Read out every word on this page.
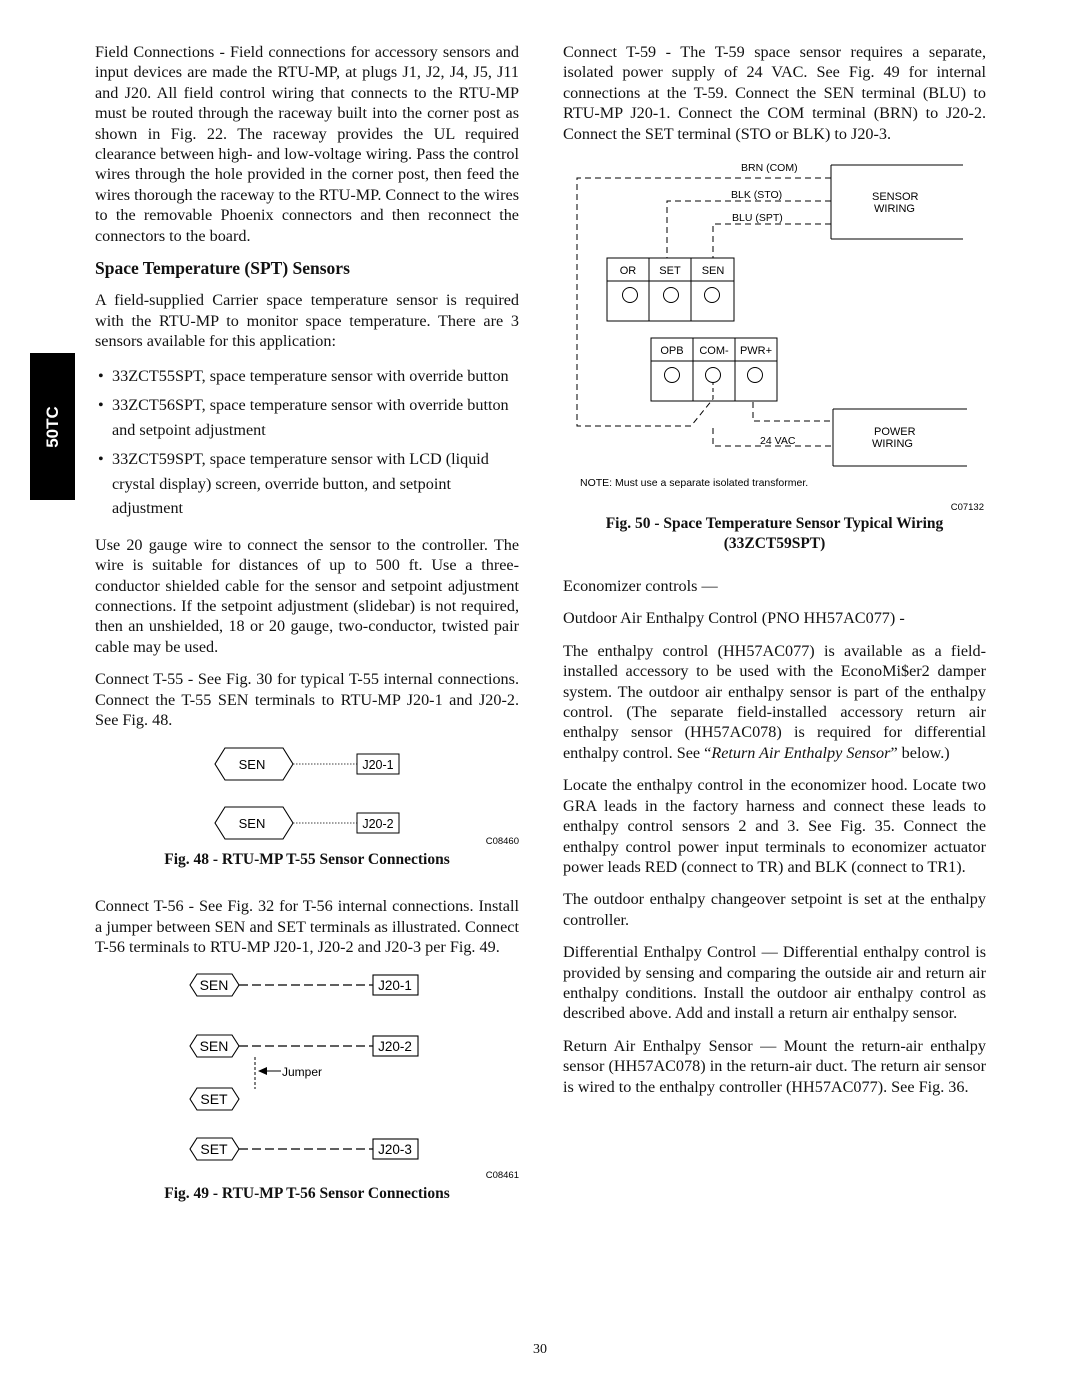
50TC

Field Connections - Field connections for accessory sensors and input devices are made the RTU-MP, at plugs J1, J2, J4, J5, J11 and J20. All field control wiring that connects to the RTU-MP must be routed through the raceway built into the corner post as shown in Fig. 22. The raceway provides the UL required clearance between high- and low-voltage wiring. Pass the control wires through the hole provided in the corner post, then feed the wires thorough the raceway to the RTU-MP. Connect to the wires to the removable Phoenix connectors and then reconnect the connectors to the board.

Space Temperature (SPT) Sensors

A field-supplied Carrier space temperature sensor is required with the RTU-MP to monitor space temperature. There are 3 sensors available for this application:

• 33ZCT55SPT, space temperature sensor with override button
• 33ZCT56SPT, space temperature sensor with override button and setpoint adjustment
• 33ZCT59SPT, space temperature sensor with LCD (liquid crystal display) screen, override button, and setpoint adjustment

Use 20 gauge wire to connect the sensor to the controller. The wire is suitable for distances of up to 500 ft. Use a three-conductor shielded cable for the sensor and setpoint adjustment connections. If the setpoint adjustment (slidebar) is not required, then an unshielded, 18 or 20 gauge, two-conductor, twisted pair cable may be used.

Connect T-55 - See Fig. 30 for typical T-55 internal connections. Connect the T-55 SEN terminals to RTU-MP J20-1 and J20-2. See Fig. 48.

SEN	J20-1
SEN	J20-2
C08460
Fig. 48 - RTU-MP T-55 Sensor Connections

Connect T-56 - See Fig. 32 for T-56 internal connections. Install a jumper between SEN and SET terminals as illustrated. Connect T-56 terminals to RTU-MP J20-1, J20-2 and J20-3 per Fig. 49.

SEN	J20-1
SEN	J20-2
Jumper
SET
SET	J20-3
C08461
Fig. 49 - RTU-MP T-56 Sensor Connections

Connect T-59 - The T-59 space sensor requires a separate, isolated power supply of 24 VAC. See Fig. 49 for internal connections at the T-59. Connect the SEN terminal (BLU) to RTU-MP J20-1. Connect the COM terminal (BRN) to J20-2. Connect the SET terminal (STO or BLK) to J20-3.

BRN (COM)
BLK (STO)
BLU (SPT)
SENSOR
WIRING
OR SET SEN
OPB COM- PWR+
24 VAC
POWER
WIRING
NOTE: Must use a separate isolated transformer.
C07132
Fig. 50 - Space Temperature Sensor Typical Wiring
(33ZCT59SPT)

Economizer controls —

Outdoor Air Enthalpy Control (PNO HH57AC077) -

The enthalpy control (HH57AC077) is available as a field-installed accessory to be used with the EconoMi$er2 damper system. The outdoor air enthalpy sensor is part of the enthalpy control. (The separate field-installed accessory return air enthalpy sensor (HH57AC078) is required for differential enthalpy control. See “Return Air Enthalpy Sensor” below.)

Locate the enthalpy control in the economizer hood. Locate two GRA leads in the factory harness and connect these leads to enthalpy control sensors 2 and 3. See Fig. 35. Connect the enthalpy control power input terminals to economizer actuator power leads RED (connect to TR) and BLK (connect to TR1).

The outdoor enthalpy changeover setpoint is set at the enthalpy controller.

Differential Enthalpy Control — Differential enthalpy control is provided by sensing and comparing the outside air and return air enthalpy conditions. Install the outdoor air enthalpy control as described above. Add and install a return air enthalpy sensor.

Return Air Enthalpy Sensor — Mount the return-air enthalpy sensor (HH57AC078) in the return-air duct. The return air sensor is wired to the enthalpy controller (HH57AC077). See Fig. 36.

30
